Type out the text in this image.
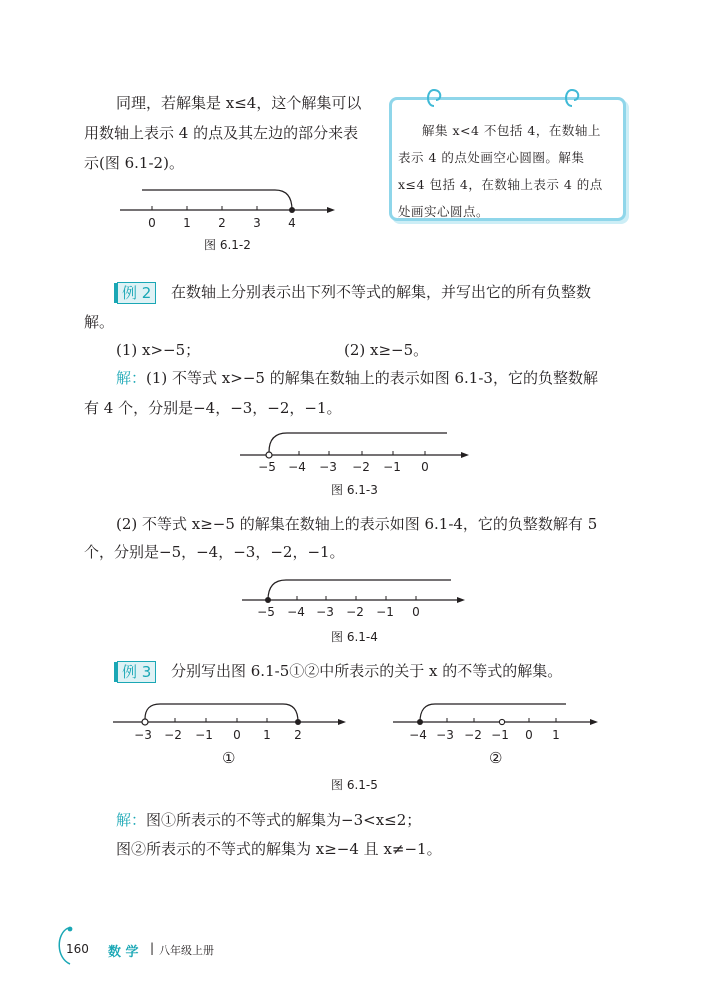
同理，若解集是 x≤4，这个解集可以
用数轴上表示 4 的点及其左边的部分来表
示(图 6.1-2)。
解集 x<4 不包括 4，在数轴上
表示 4 的点处画空心圆圈。解集
x≤4 包括 4，在数轴上表示 4 的点
处画实心圆点。
0 1 2 3 4
图 6.1-2
例 2	在数轴上分别表示出下列不等式的解集，并写出它的所有负整数
解。
(1) x>−5；	(2) x≥−5。
解：(1) 不等式 x>−5 的解集在数轴上的表示如图 6.1-3，它的负整数解
有 4 个，分别是−4，−3，−2，−1。
−5 −4 −3 −2 −1 0
图 6.1-3
(2) 不等式 x≥−5 的解集在数轴上的表示如图 6.1-4，它的负整数解有 5
个，分别是−5，−4，−3，−2，−1。
−5 −4 −3 −2 −1 0
图 6.1-4
例 3	分别写出图 6.1-5①②中所表示的关于 x 的不等式的解集。
−3 −2 −1 0 1 2
①
−4 −3 −2 −1 0 1
②
图 6.1-5
解：图①所表示的不等式的解集为−3<x≤2；
图②所表示的不等式的解集为 x≥−4 且 x≠−1。
160 数 学 | 八年级上册
